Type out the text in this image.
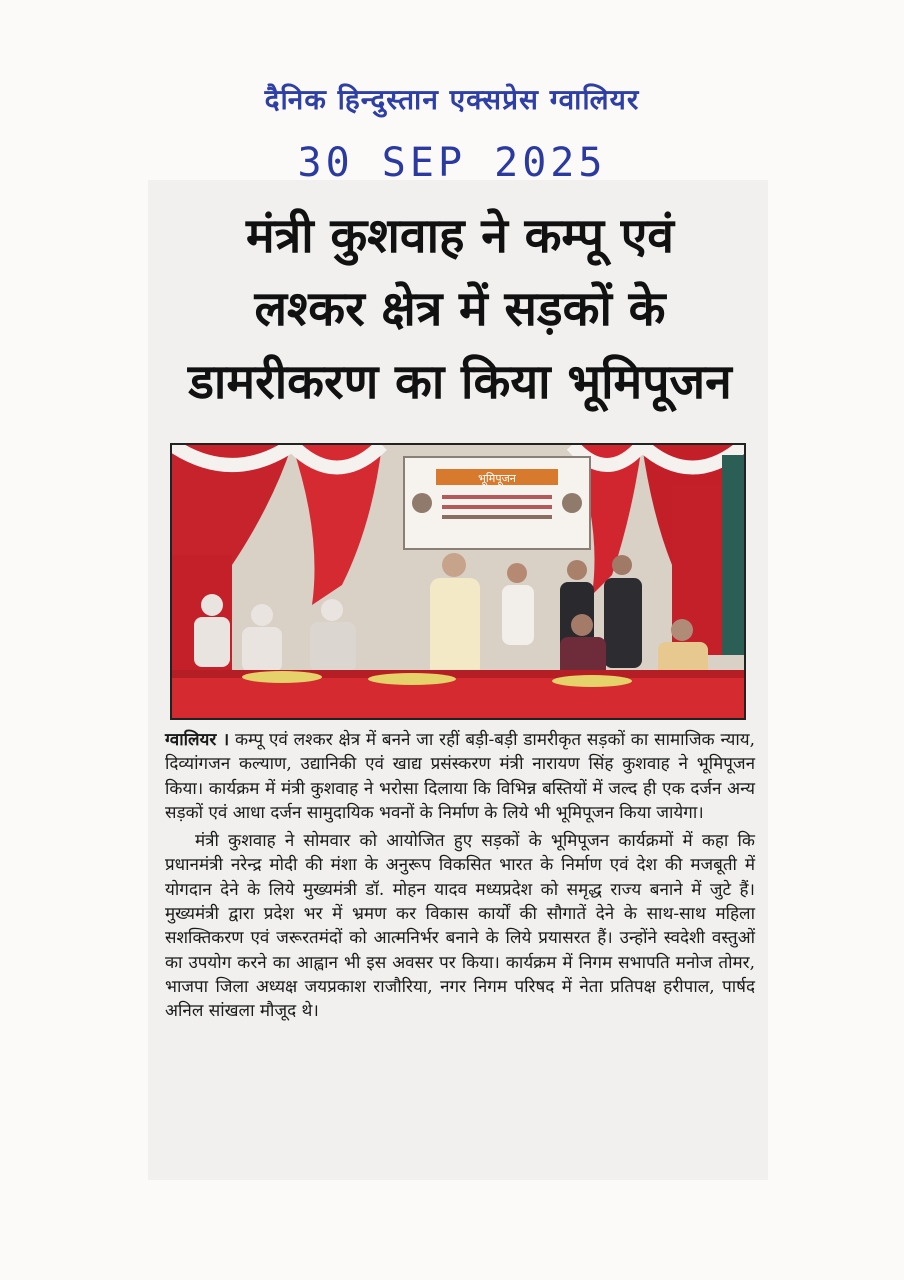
दैनिक हिन्दुस्तान एक्सप्रेस ग्वालियर
30 SEP 2025
मंत्री कुशवाह ने कम्पू एवं
लश्कर क्षेत्र में सड़कों के
डामरीकरण का किया भूमिपूजन
भूमिपूजन

ग्वालियर । कम्पू एवं लश्कर क्षेत्र में बनने जा रहीं बड़ी-बड़ी डामरीकृत सड़कों का सामाजिक न्याय, दिव्यांगजन कल्याण, उद्यानिकी एवं खाद्य प्रसंस्करण मंत्री नारायण सिंह कुशवाह ने भूमिपूजन किया। कार्यक्रम में मंत्री कुशवाह ने भरोसा दिलाया कि विभिन्न बस्तियों में जल्द ही एक दर्जन अन्य सड़कों एवं आधा दर्जन सामुदायिक भवनों के निर्माण के लिये भी भूमिपूजन किया जायेगा।

मंत्री कुशवाह ने सोमवार को आयोजित हुए सड़कों के भूमिपूजन कार्यक्रमों में कहा कि प्रधानमंत्री नरेन्द्र मोदी की मंशा के अनुरूप विकसित भारत के निर्माण एवं देश की मजबूती में योगदान देने के लिये मुख्यमंत्री डॉ. मोहन यादव मध्यप्रदेश को समृद्ध राज्य बनाने में जुटे हैं। मुख्यमंत्री द्वारा प्रदेश भर में भ्रमण कर विकास कार्यों की सौगातें देने के साथ-साथ महिला सशक्तिकरण एवं जरूरतमंदों को आत्मनिर्भर बनाने के लिये प्रयासरत हैं। उन्होंने स्वदेशी वस्तुओं का उपयोग करने का आह्वान भी इस अवसर पर किया। कार्यक्रम में निगम सभापति मनोज तोमर, भाजपा जिला अध्यक्ष जयप्रकाश राजौरिया, नगर निगम परिषद में नेता प्रतिपक्ष हरीपाल, पार्षद अनिल सांखला मौजूद थे।
